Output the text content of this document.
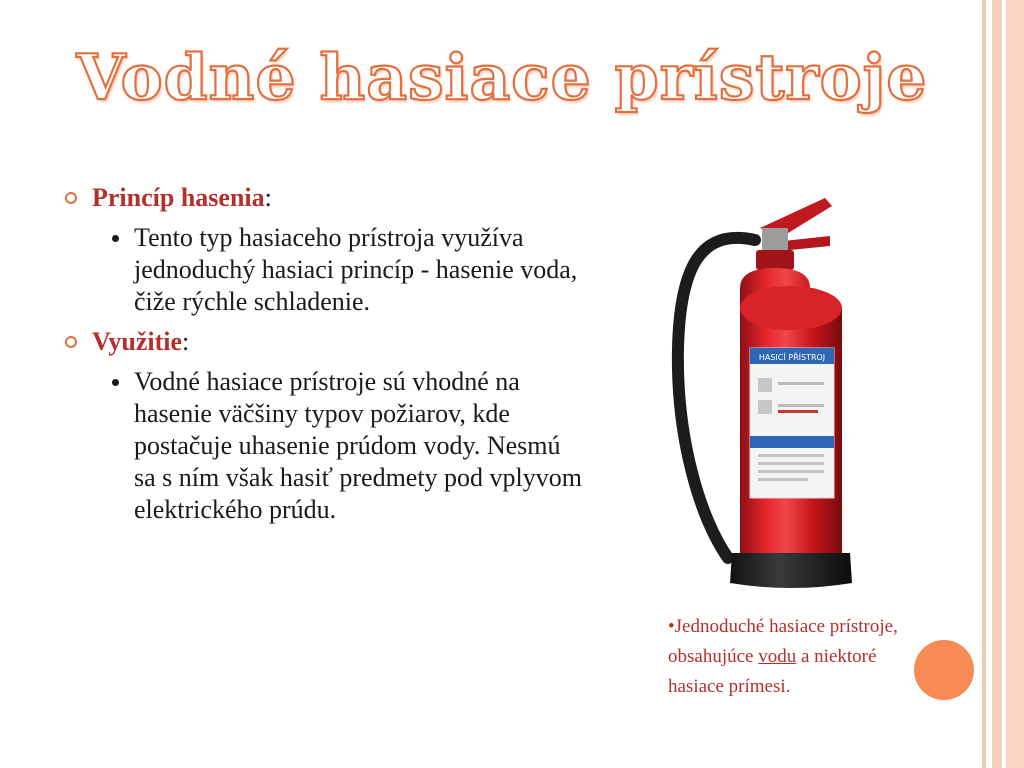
Vodné hasiace prístroje

Princíp hasenia:

Tento typ hasiaceho prístroja využíva jednoduchý hasiaci princíp - hasenie voda, čiže rýchle schladenie.

Využitie:

Vodné hasiace prístroje sú vhodné na hasenie väčšiny typov požiarov, kde postačuje uhasenie prúdom vody. Nesmú sa s ním však hasiť predmety pod vplyvom elektrického prúdu.

HASICÍ PŘÍSTROJ
•Jednoduché hasiace prístroje, obsahujúce vodu a niektoré hasiace prímesi.
